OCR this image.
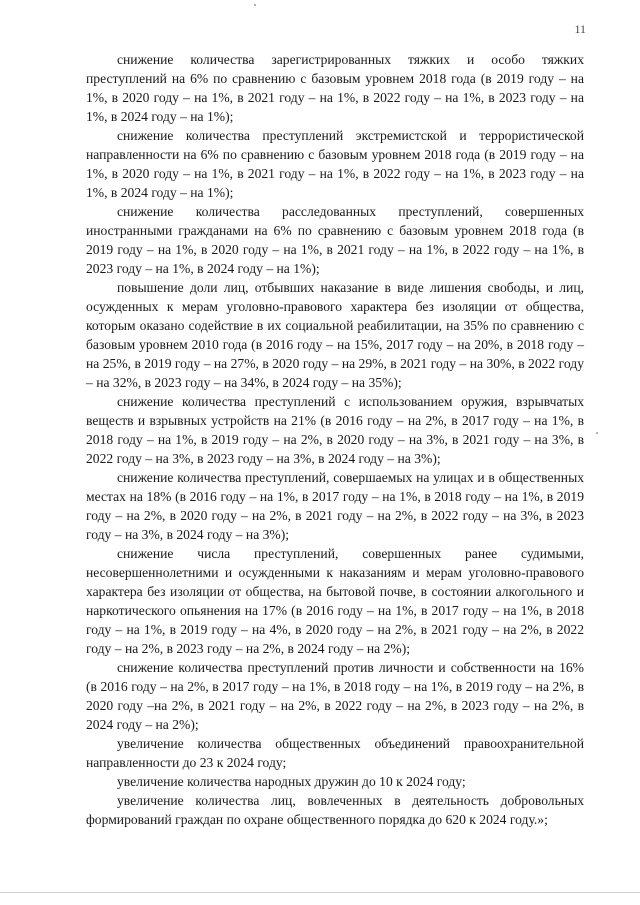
11

снижение количества зарегистрированных тяжких и особо тяжких преступлений на 6% по сравнению с базовым уровнем 2018 года (в 2019 году – на 1%, в 2020 году – на 1%, в 2021 году – на 1%, в 2022 году – на 1%, в 2023 году – на 1%, в 2024 году – на 1%);

снижение количества преступлений экстремистской и террористической направленности на 6% по сравнению с базовым уровнем 2018 года (в 2019 году – на 1%, в 2020 году – на 1%, в 2021 году – на 1%, в 2022 году – на 1%, в 2023 году – на 1%, в 2024 году – на 1%);

снижение количества расследованных преступлений, совершенных иностранными гражданами на 6% по сравнению с базовым уровнем 2018 года (в 2019 году – на 1%, в 2020 году – на 1%, в 2021 году – на 1%, в 2022 году – на 1%, в 2023 году – на 1%, в 2024 году – на 1%);

повышение доли лиц, отбывших наказание в виде лишения свободы, и лиц, осужденных к мерам уголовно-правового характера без изоляции от общества, которым оказано содействие в их социальной реабилитации, на 35% по сравнению с базовым уровнем 2010 года (в 2016 году – на 15%, 2017 году – на 20%, в 2018 году – на 25%, в 2019 году – на 27%, в 2020 году – на 29%, в 2021 году – на 30%, в 2022 году – на 32%, в 2023 году – на 34%, в 2024 году – на 35%);

снижение количества преступлений с использованием оружия, взрывчатых веществ и взрывных устройств на 21% (в 2016 году – на 2%, в 2017 году – на 1%, в 2018 году – на 1%, в 2019 году – на 2%, в 2020 году – на 3%, в 2021 году – на 3%, в 2022 году – на 3%, в 2023 году – на 3%, в 2024 году – на 3%);

снижение количества преступлений, совершаемых на улицах и в общественных местах на 18% (в 2016 году – на 1%, в 2017 году – на 1%, в 2018 году – на 1%, в 2019 году – на 2%, в 2020 году – на 2%, в 2021 году – на 2%, в 2022 году – на 3%, в 2023 году – на 3%, в 2024 году – на 3%);

снижение числа преступлений, совершенных ранее судимыми, несовершеннолетними и осужденными к наказаниям и мерам уголовно-правового характера без изоляции от общества, на бытовой почве, в состоянии алкогольного и наркотического опьянения на 17% (в 2016 году – на 1%, в 2017 году – на 1%, в 2018 году – на 1%, в 2019 году – на 4%, в 2020 году – на 2%, в 2021 году – на 2%, в 2022 году – на 2%, в 2023 году – на 2%, в 2024 году – на 2%);

снижение количества преступлений против личности и собственности на 16% (в 2016 году – на 2%, в 2017 году – на 1%, в 2018 году – на 1%, в 2019 году – на 2%, в 2020 году –на 2%, в 2021 году – на 2%, в 2022 году – на 2%, в 2023 году – на 2%, в 2024 году – на 2%);

увеличение количества общественных объединений правоохранительной направленности до 23 к 2024 году;

увеличение количества народных дружин до 10 к 2024 году;

увеличение количества лиц, вовлеченных в деятельность добровольных формирований граждан по охране общественного порядка до 620 к 2024 году.»;
